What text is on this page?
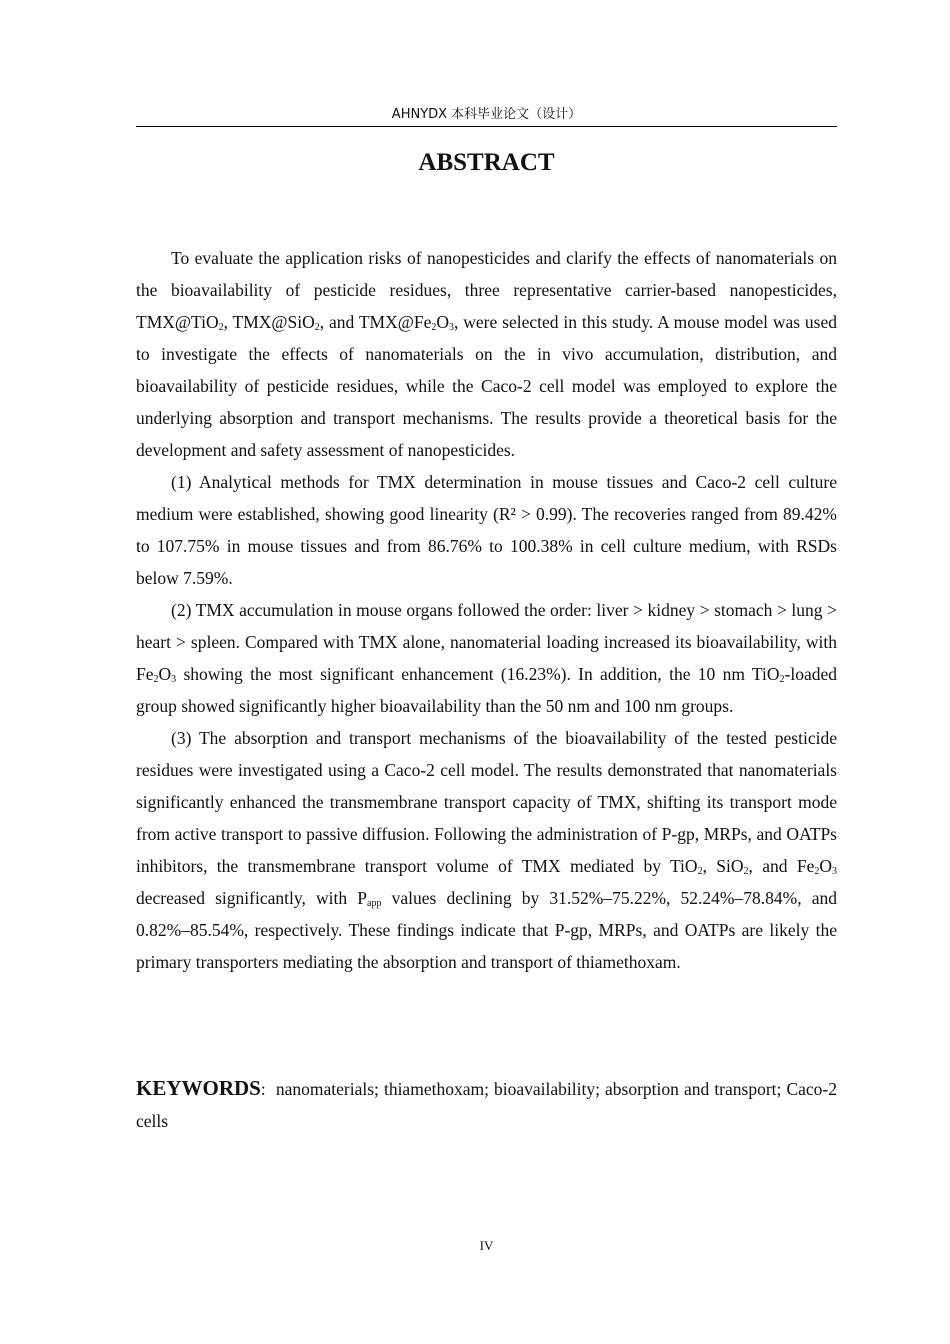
AHNYDX 本科毕业论文（设计）
ABSTRACT

To evaluate the application risks of nanopesticides and clarify the effects of nanomaterials on the bioavailability of pesticide residues, three representative carrier-based nanopesticides, TMX@TiO$_2$, TMX@SiO$_2$, and $TMX@Fe_2O_3$, were selected in this study. A mouse model was used to investigate the effects of nanomaterials on the in vivo accumulation, distribution, and bioavailability of pesticide residues, while the Caco-2 cell model was employed to explore the underlying absorption and transport mechanisms. The results provide a theoretical basis for the development and safety assessment of nanopesticides.

(1) Analytical methods for TMX determination in mouse tissues and Caco-2 cell culture medium were established, showing good linearity (R² > 0.99). The recoveries ranged from 89.42% to 107.75% in mouse tissues and from 86.76% to 100.38% in cell culture medium, with RSDs below 7.59%.

(2) TMX accumulation in mouse organs followed the order: liver > kidney > stomach > lung > heart > spleen. Compared with TMX alone, nanomaterial loading increased its bioavailability, with $Fe_2O_3$ showing the most significant enhancement (16.23%). In addition, the 10 nm TiO$_2$-loaded group showed significantly higher bioavailability than the 50 nm and 100 nm groups.

(3) The absorption and transport mechanisms of the bioavailability of the tested pesticide residues were investigated using a Caco-2 cell model. The results demonstrated that nanomaterials significantly enhanced the transmembrane transport capacity of TMX, shifting its transport mode from active transport to passive diffusion. Following the administration of P-gp, MRPs, and OATPs inhibitors, the transmembrane transport volume of TMX mediated by TiO$_2$, SiO$_2$, and $Fe_2O_3$ decreased significantly, with $P_{app}$ values declining by 31.52%–75.22%, 52.24%–78.84%, and 0.82%–85.54%, respectively. These findings indicate that P-gp, MRPs, and OATPs are likely the primary transporters mediating the absorption and transport of thiamethoxam.

KEYWORDS: nanomaterials; thiamethoxam; bioavailability; absorption and transport; Caco-2 cells
IV
